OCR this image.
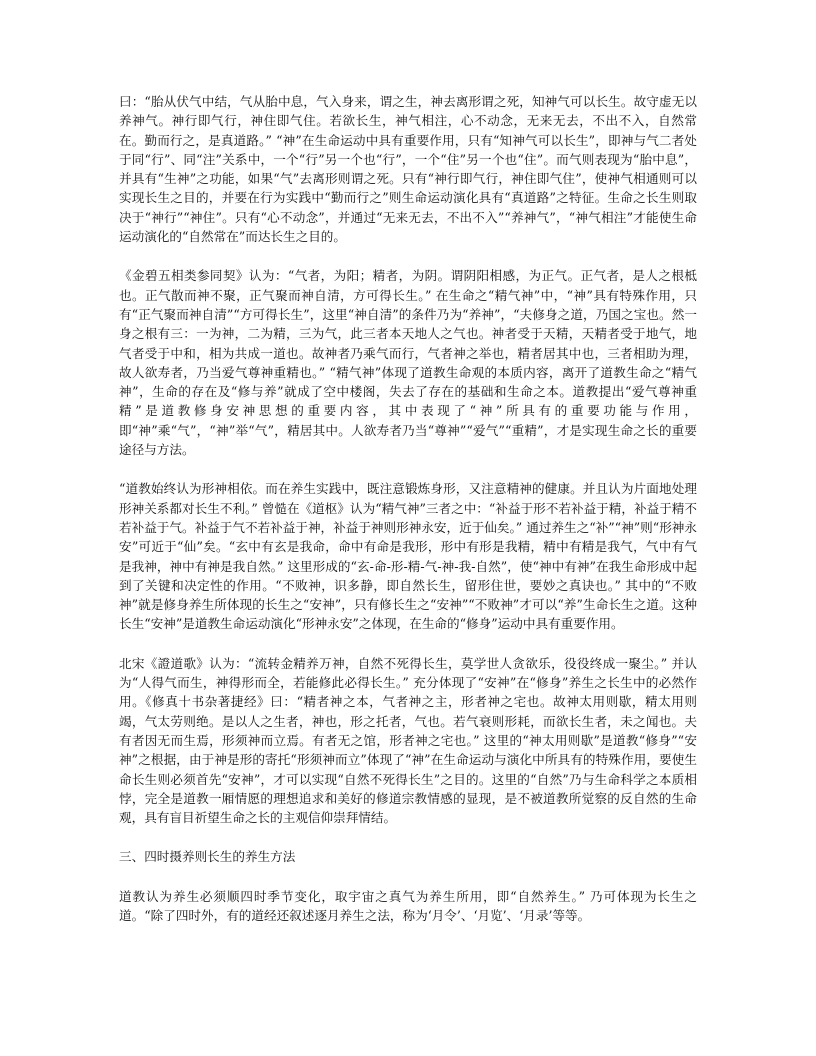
曰：“胎从伏气中结，气从胎中息，气入身来，谓之生，神去离形谓之死，知神气可以长生。故守虚无以养神气。神行即气行，神住即气住。若欲长生，神气相注，心不动念，无来无去，不出不入，自然常在。勤而行之，是真道路。” “神”在生命运动中具有重要作用，只有“知神气可以长生”，即神与气二者处于同“行”、同“注”关系中，一个“行”另一个也“行”，一个“住”另一个也“住”。而气则表现为“胎中息”，并具有“生神”之功能，如果“气”去离形则谓之死。只有“神行即气行，神住即气住”，使神气相通则可以实现长生之目的，并要在行为实践中“勤而行之”则生命运动演化具有“真道路”之特征。生命之长生则取决于“神行”“神住”。只有“心不动念”，并通过“无来无去，不出不入”“养神气”，“神气相注”才能使生命运动演化的“自然常在”而达长生之目的。

《金碧五相类参同契》认为：“气者，为阳；精者，为阴。谓阴阳相感，为正气。正气者，是人之根柢也。正气散而神不聚，正气聚而神自清，方可得长生。” 在生命之“精气神”中，“神”具有特殊作用，只有“正气聚而神自清”“方可得长生”，这里“神自清”的条件乃为“养神”，“夫修身之道，乃国之宝也。然一身之根有三：一为神，二为精，三为气，此三者本天地人之气也。神者受于天精，天精者受于地气，地气者受于中和，相为共成一道也。故神者乃乘气而行，气者神之举也，精者居其中也，三者相助为理，故人欲寿者，乃当爱气尊神重精也。” “精气神”体现了道教生命观的本质内容，离开了道教生命之“精气神”，生命的存在及“修与养”就成了空中楼阁，失去了存在的基础和生命之本。道教提出“爱气尊神重精”是道教修身安神思想的重要内容，其中表现了“神”所具有的重要功能与作用，即“神”乘“气”，“神”举“气”，精居其中。人欲寿者乃当“尊神”“爱气”“重精”，才是实现生命之长的重要途径与方法。

“道教始终认为形神相依。而在养生实践中，既注意锻炼身形，又注意精神的健康。并且认为片面地处理形神关系都对长生不利。” 曾慥在《道枢》认为“精气神”三者之中：“补益于形不若补益于精，补益于精不若补益于气。补益于气不若补益于神，补益于神则形神永安，近于仙矣。” 通过养生之“补”“神”则“形神永安”可近于“仙”矣。“玄中有玄是我命，命中有命是我形，形中有形是我精，精中有精是我气，气中有气是我神，神中有神是我自然。” 这里形成的“玄-命-形-精-气-神-我-自然”，使“神中有神”在我生命形成中起到了关键和决定性的作用。“不败神，识多静，即自然长生，留形住世，要妙之真诀也。” 其中的“不败神”就是修身养生所体现的长生之“安神”，只有修长生之“安神”“不败神”才可以“养”生命长生之道。这种长生“安神”是道教生命运动演化“形神永安”之体现，在生命的“修身”运动中具有重要作用。

北宋《證道歌》认为：“流转金精养万神，自然不死得长生，莫学世人贪欲乐，役役终成一聚尘。” 并认为“人得气而生，神得形而全，若能修此必得长生。” 充分体现了“安神”在“修身”养生之长生中的必然作用。《修真十书杂著捷经》曰：“精者神之本，气者神之主，形者神之宅也。故神太用则歇，精太用则竭，气太劳则绝。是以人之生者，神也，形之托者，气也。若气衰则形耗，而欲长生者，未之闻也。夫有者因无而生焉，形须神而立焉。有者无之馆，形者神之宅也。” 这里的“神太用则歇”是道教“修身”“安神”之根据，由于神是形的寄托“形须神而立”体现了“神”在生命运动与演化中所具有的特殊作用，要使生命长生则必须首先“安神”，才可以实现“自然不死得长生”之目的。这里的“自然”乃与生命科学之本质相悖，完全是道教一厢情愿的理想追求和美好的修道宗教情感的显现，是不被道教所觉察的反自然的生命观，具有盲目祈望生命之长的主观信仰崇拜情结。

三、四时摄养则长生的养生方法

道教认为养生必须顺四时季节变化，取宇宙之真气为养生所用，即“自然养生。” 乃可体现为长生之道。“除了四时外，有的道经还叙述逐月养生之法，称为‘月令’、‘月览’、‘月录’等等。
